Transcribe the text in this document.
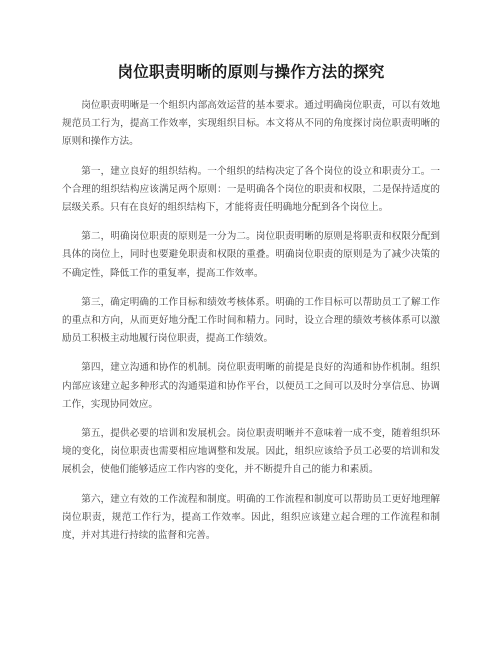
岗位职责明晰的原则与操作方法的探究

岗位职责明晰是一个组织内部高效运营的基本要求。通过明确岗位职责，可以有效地规范员工行为，提高工作效率，实现组织目标。本文将从不同的角度探讨岗位职责明晰的原则和操作方法。

第一，建立良好的组织结构。一个组织的结构决定了各个岗位的设立和职责分工。一个合理的组织结构应该满足两个原则：一是明确各个岗位的职责和权限，二是保持适度的层级关系。只有在良好的组织结构下，才能将责任明确地分配到各个岗位上。

第二，明确岗位职责的原则是一分为二。岗位职责明晰的原则是将职责和权限分配到具体的岗位上，同时也要避免职责和权限的重叠。明确岗位职责的原则是为了减少决策的不确定性，降低工作的重复率，提高工作效率。

第三，确定明确的工作目标和绩效考核体系。明确的工作目标可以帮助员工了解工作的重点和方向，从而更好地分配工作时间和精力。同时，设立合理的绩效考核体系可以激励员工积极主动地履行岗位职责，提高工作绩效。

第四，建立沟通和协作的机制。岗位职责明晰的前提是良好的沟通和协作机制。组织内部应该建立起多种形式的沟通渠道和协作平台，以便员工之间可以及时分享信息、协调工作，实现协同效应。

第五，提供必要的培训和发展机会。岗位职责明晰并不意味着一成不变，随着组织环境的变化，岗位职责也需要相应地调整和发展。因此，组织应该给予员工必要的培训和发展机会，使他们能够适应工作内容的变化，并不断提升自己的能力和素质。

第六，建立有效的工作流程和制度。明确的工作流程和制度可以帮助员工更好地理解岗位职责，规范工作行为，提高工作效率。因此，组织应该建立起合理的工作流程和制度，并对其进行持续的监督和完善。
